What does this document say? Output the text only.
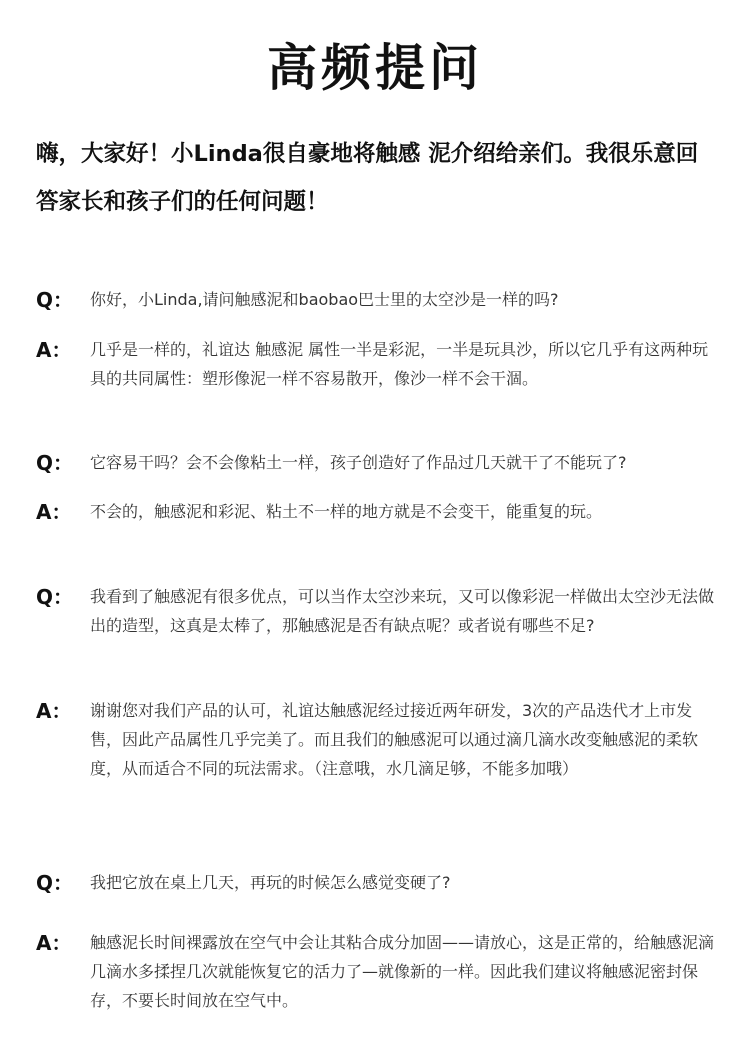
高频提问
嗨，大家好！小Linda很自豪地将触感 泥介绍给亲们。我很乐意回答家长和孩子们的任何问题！
Q：	你好，小Linda,请问触感泥和baobao巴士里的太空沙是一样的吗?
A：	几乎是一样的，礼谊达 触感泥 属性一半是彩泥，一半是玩具沙，所以它几乎有这两种玩具的共同属性：塑形像泥一样不容易散开，像沙一样不会干涸。
Q：	它容易干吗？会不会像粘土一样，孩子创造好了作品过几天就干了不能玩了?
A：	不会的，触感泥和彩泥、粘土不一样的地方就是不会变干，能重复的玩。
Q：	我看到了触感泥有很多优点，可以当作太空沙来玩，又可以像彩泥一样做出太空沙无法做出的造型，这真是太棒了，那触感泥是否有缺点呢？或者说有哪些不足?
A：	谢谢您对我们产品的认可，礼谊达触感泥经过接近两年研发，3次的产品迭代才上市发售，因此产品属性几乎完美了。而且我们的触感泥可以通过滴几滴水改变触感泥的柔软度，从而适合不同的玩法需求。（注意哦，水几滴足够，不能多加哦）
Q：	我把它放在桌上几天，再玩的时候怎么感觉变硬了?
A：	触感泥长时间裸露放在空气中会让其粘合成分加固——请放心，这是正常的，给触感泥滴几滴水多揉捏几次就能恢复它的活力了—就像新的一样。因此我们建议将触感泥密封保存，不要长时间放在空气中。
